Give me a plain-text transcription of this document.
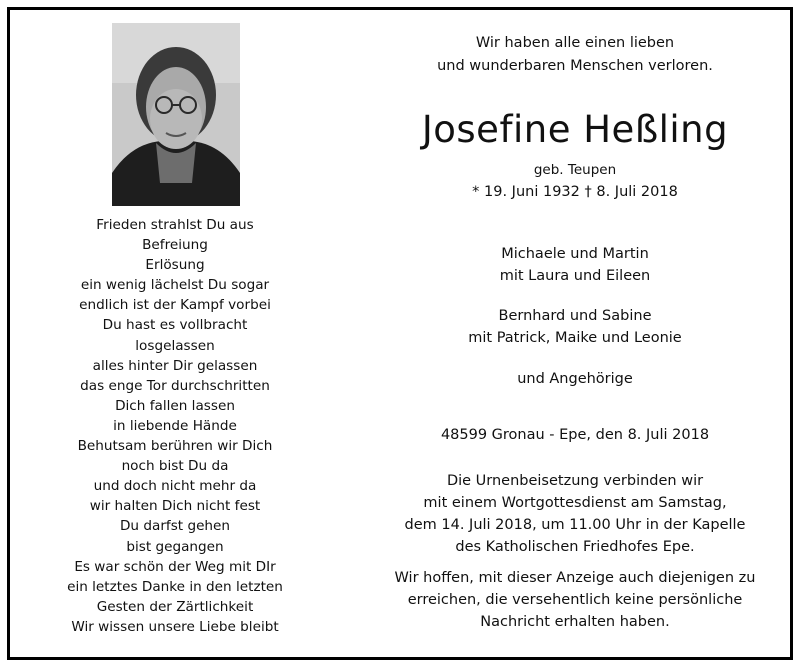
Frieden strahlst Du aus
Befreiung
Erlösung
ein wenig lächelst Du sogar
endlich ist der Kampf vorbei
Du hast es vollbracht
losgelassen
alles hinter Dir gelassen
das enge Tor durchschritten
Dich fallen lassen
in liebende Hände
Behutsam berühren wir Dich
noch bist Du da
und doch nicht mehr da
wir halten Dich nicht fest
Du darfst gehen
bist gegangen
Es war schön der Weg mit DIr
ein letztes Danke in den letzten
Gesten der Zärtlichkeit
Wir wissen unsere Liebe bleibt
Wir haben alle einen lieben
und wunderbaren Menschen verloren.
Josefine Heßling
geb. Teupen
* 19. Juni 1932 † 8. Juli 2018
Michaele und Martin
mit Laura und Eileen
Bernhard und Sabine
mit Patrick, Maike und Leonie
und Angehörige
48599 Gronau - Epe, den 8. Juli 2018
Die Urnenbeisetzung verbinden wir
mit einem Wortgottesdienst am Samstag,
dem 14. Juli 2018, um 11.00 Uhr in der Kapelle
des Katholischen Friedhofes Epe.
Wir hoffen, mit dieser Anzeige auch diejenigen zu
erreichen, die versehentlich keine persönliche
Nachricht erhalten haben.
